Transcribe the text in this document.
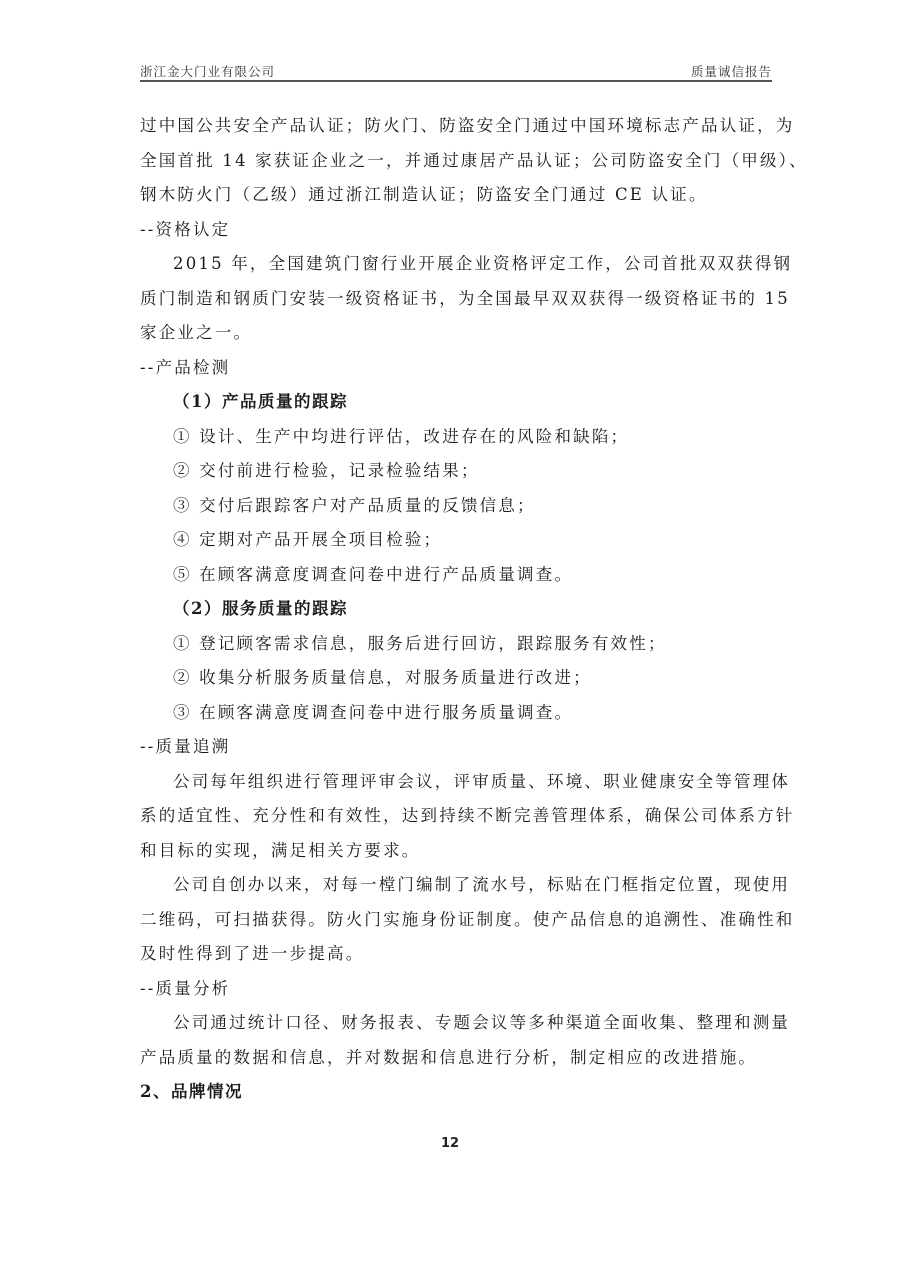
浙江金大门业有限公司	质量诚信报告
过中国公共安全产品认证；防火门、防盗安全门通过中国环境标志产品认证，为
全国首批 14 家获证企业之一，并通过康居产品认证；公司防盗安全门（甲级）、
钢木防火门（乙级）通过浙江制造认证；防盗安全门通过 CE 认证。
--资格认定
2015 年，全国建筑门窗行业开展企业资格评定工作，公司首批双双获得钢
质门制造和钢质门安装一级资格证书，为全国最早双双获得一级资格证书的 15
家企业之一。
--产品检测
（1）产品质量的跟踪
① 设计、生产中均进行评估，改进存在的风险和缺陷；
② 交付前进行检验，记录检验结果；
③ 交付后跟踪客户对产品质量的反馈信息；
④ 定期对产品开展全项目检验；
⑤ 在顾客满意度调查问卷中进行产品质量调查。
（2）服务质量的跟踪
① 登记顾客需求信息，服务后进行回访，跟踪服务有效性；
② 收集分析服务质量信息，对服务质量进行改进；
③ 在顾客满意度调查问卷中进行服务质量调查。
--质量追溯
公司每年组织进行管理评审会议，评审质量、环境、职业健康安全等管理体
系的适宜性、充分性和有效性，达到持续不断完善管理体系，确保公司体系方针
和目标的实现，满足相关方要求。
公司自创办以来，对每一樘门编制了流水号，标贴在门框指定位置，现使用
二维码，可扫描获得。防火门实施身份证制度。使产品信息的追溯性、准确性和
及时性得到了进一步提高。
--质量分析
公司通过统计口径、财务报表、专题会议等多种渠道全面收集、整理和测量
产品质量的数据和信息，并对数据和信息进行分析，制定相应的改进措施。
2、品牌情况
12
